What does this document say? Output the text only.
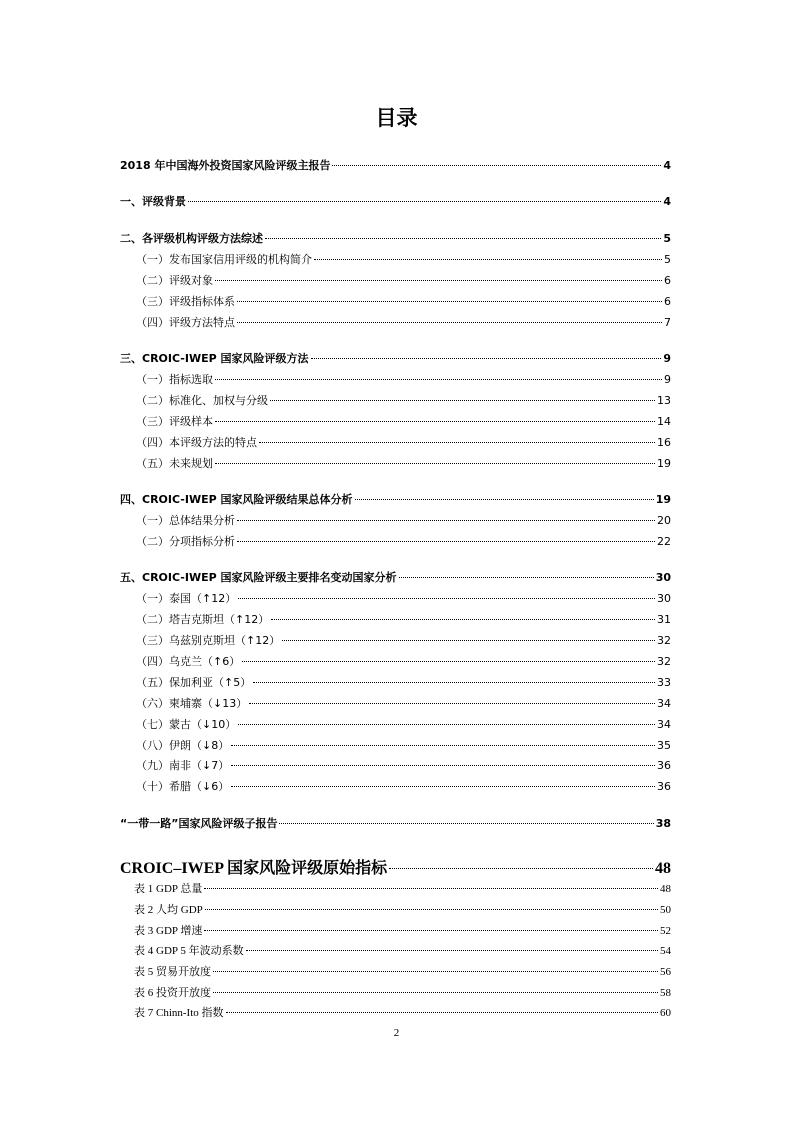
目录
2018 年中国海外投资国家风险评级主报告	4
一、评级背景	4
二、各评级机构评级方法综述	5
（一）发布国家信用评级的机构简介	5
（二）评级对象	6
（三）评级指标体系	6
（四）评级方法特点	7
三、CROIC-IWEP 国家风险评级方法	9
（一）指标选取	9
（二）标准化、加权与分级	13
（三）评级样本	14
（四）本评级方法的特点	16
（五）未来规划	19
四、CROIC-IWEP 国家风险评级结果总体分析	19
（一）总体结果分析	20
（二）分项指标分析	22
五、CROIC-IWEP 国家风险评级主要排名变动国家分析	30
（一）泰国（↑12）	30
（二）塔吉克斯坦（↑12）	31
（三）乌兹别克斯坦（↑12）	32
（四）乌克兰（↑6）	32
（五）保加利亚（↑5）	33
（六）柬埔寨（↓13）	34
（七）蒙古（↓10）	34
（八）伊朗（↓8）	35
（九）南非（↓7）	36
（十）希腊（↓6）	36
“一带一路”国家风险评级子报告	38
CROIC–IWEP 国家风险评级原始指标	48
表 1 GDP 总量	48
表 2 人均 GDP	50
表 3 GDP 增速	52
表 4 GDP 5 年波动系数	54
表 5 贸易开放度	56
表 6 投资开放度	58
表 7 Chinn-Ito 指数	60
2
